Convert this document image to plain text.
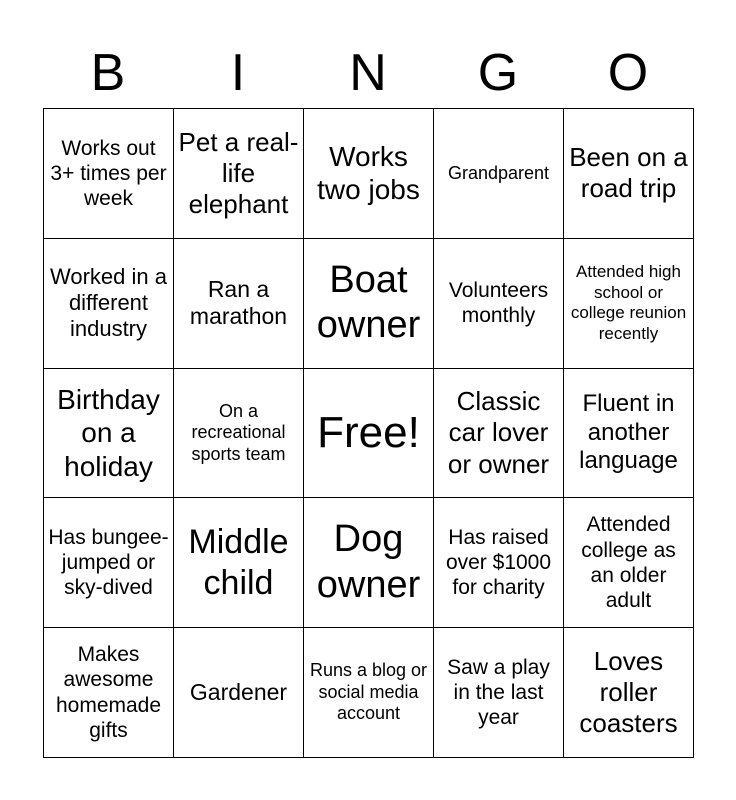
B	I	N	G	O
Works out 3+ times per week	Pet a real-life elephant	Works two jobs	Grandparent	Been on a road trip
Worked in a different industry	Ran a marathon	Boat owner	Volunteers monthly	Attended high school or college reunion recently
Birthday on a holiday	On a recreational sports team	Free!	Classic car lover or owner	Fluent in another language
Has bungee-jumped or sky-dived	Middle child	Dog owner	Has raised over $1000 for charity	Attended college as an older adult
Makes awesome homemade gifts	Gardener	Runs a blog or social media account	Saw a play in the last year	Loves roller coasters
